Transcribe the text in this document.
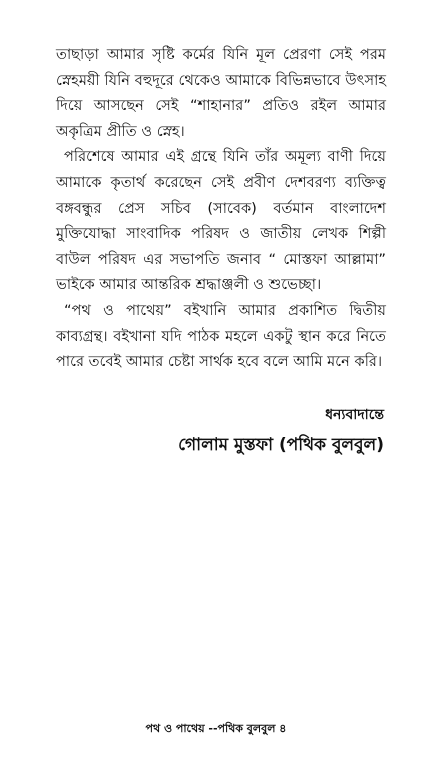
তাছাড়া আমার সৃষ্টি কর্মের যিনি মূল প্রেরণা সেই পরম স্নেহময়ী যিনি বহুদূরে থেকেও আমাকে বিভিন্নভাবে উৎসাহ দিয়ে আসছেন সেই “শাহানার” প্রতিও রইল আমার অকৃত্রিম প্রীতি ও স্নেহ।

পরিশেষে আমার এই গ্রন্থে যিনি তাঁর অমূল্য বাণী দিয়ে আমাকে কৃতার্থ করেছেন সেই প্রবীণ দেশবরণ্য ব্যক্তিত্ব বঙ্গবন্ধুর প্রেস সচিব (সাবেক) বর্তমান বাংলাদেশ মুক্তিযোদ্ধা সাংবাদিক পরিষদ ও জাতীয় লেখক শিল্পী বাউল পরিষদ এর সভাপতি জনাব “ মোস্তফা আল্লামা” ভাইকে আমার আন্তরিক শ্রদ্ধাঞ্জলী ও শুভেচ্ছা।

“পথ ও পাথেয়” বইখানি আমার প্রকাশিত দ্বিতীয় কাব্যগ্রন্থ। বইখানা যদি পাঠক মহলে একটু স্থান করে নিতে পারে তবেই আমার চেষ্টা সার্থক হবে বলে আমি মনে করি।

ধন্যবাদান্তে
গোলাম মুস্তফা (পথিক বুলবুল)
পথ ও পাথেয় --পথিক বুলবুল ৪
